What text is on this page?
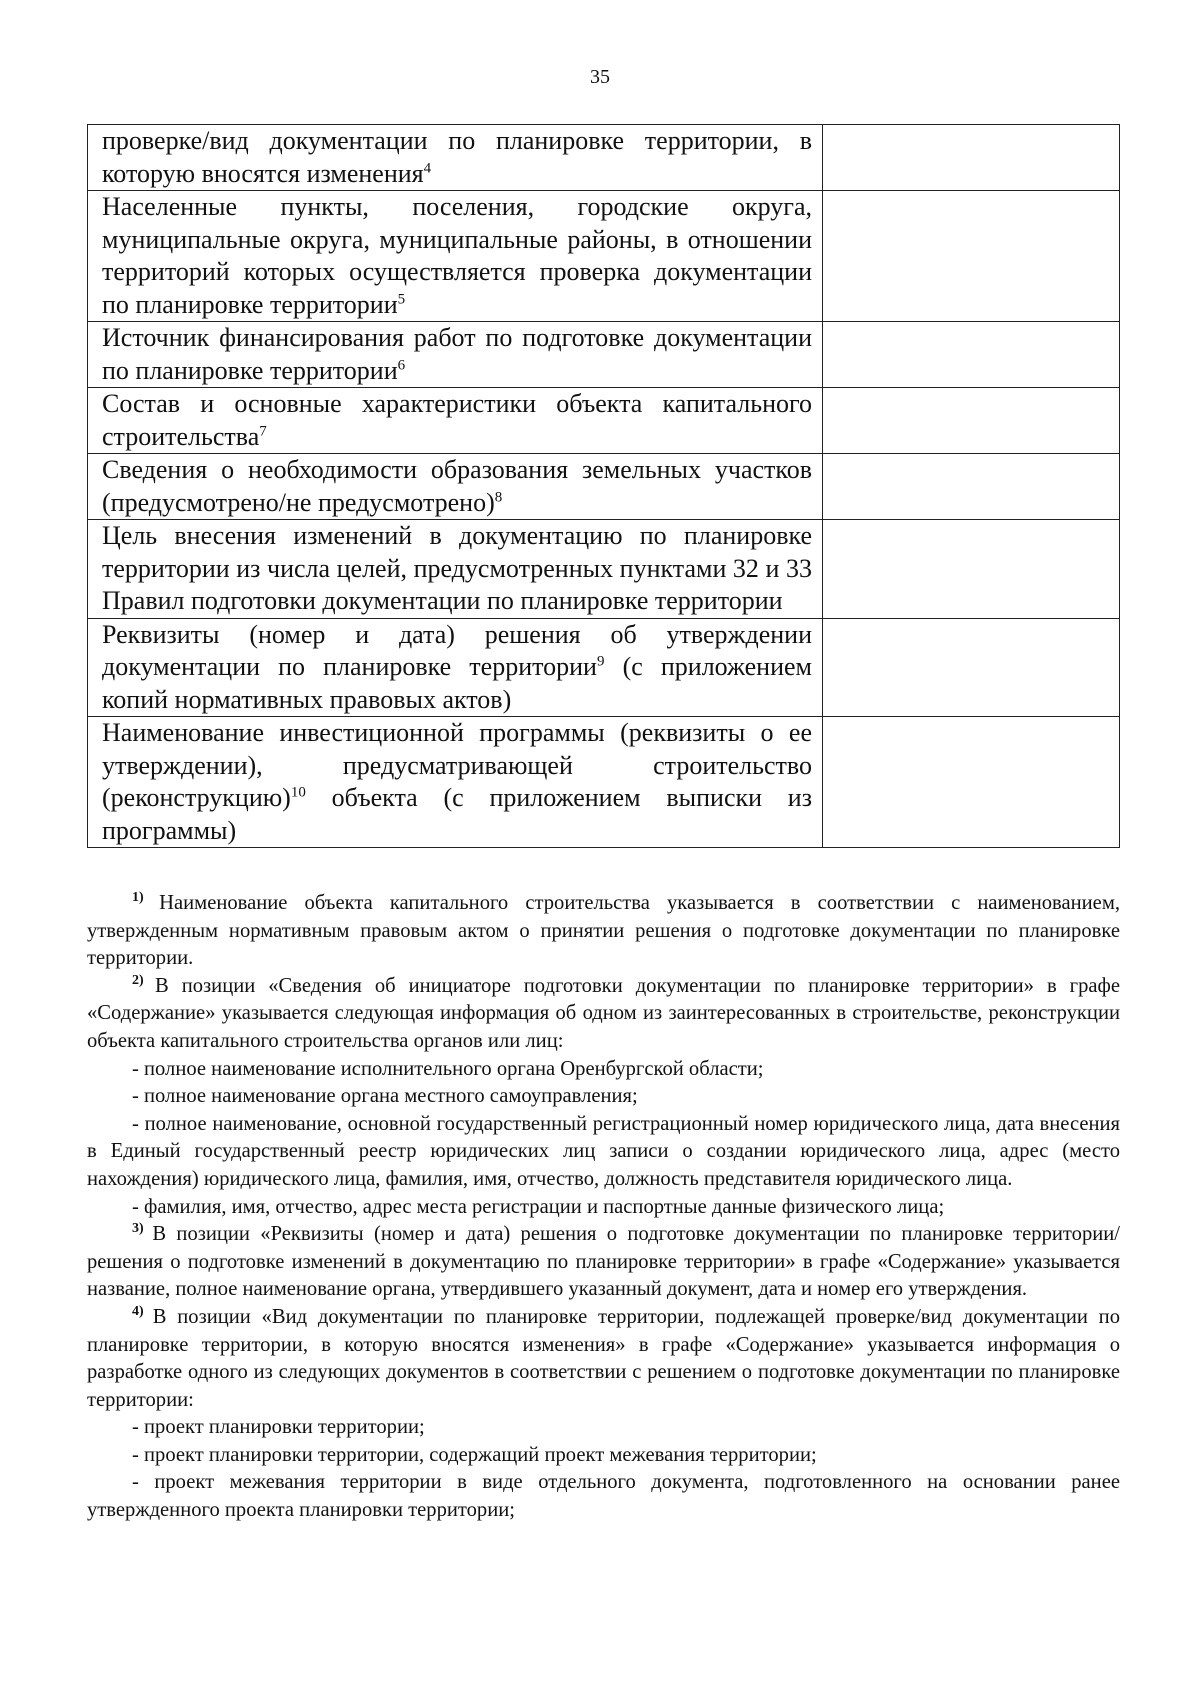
35
проверке/вид документации по планировке территории, в которую вносятся изменения$^4$	
Населенные пункты, поселения, городские округа, муниципальные округа, муниципальные районы, в отношении территорий которых осуществляется проверка документации по планировке территории$^5$	
Источник финансирования работ по подготовке документации по планировке территории$^6$	
Состав и основные характеристики объекта капитального строительства$^7$	
Сведения о необходимости образования земельных участков (предусмотрено/не предусмотрено)$^8$	
Цель внесения изменений в документацию по планировке территории из числа целей, предусмотренных пунктами 32 и 33 Правил подготовки документации по планировке территории	
Реквизиты (номер и дата) решения об утверждении документации по планировке территории$^9$ (с приложением копий нормативных правовых актов)	
Наименование инвестиционной программы (реквизиты о ее утверждении), предусматривающей строительство (реконструкцию)$^{10}$ объекта (с приложением выписки из программы)	

$^{1)}$ Наименование объекта капитального строительства указывается в соответствии с наименованием, утвержденным нормативным правовым актом о принятии решения о подготовке документации по планировке территории.

$^{2)}$ В позиции «Сведения об инициаторе подготовки документации по планировке территории» в графе «Содержание» указывается следующая информация об одном из заинтересованных в строительстве, реконструкции объекта капитального строительства органов или лиц:

- полное наименование исполнительного органа Оренбургской области;

- полное наименование органа местного самоуправления;

- полное наименование, основной государственный регистрационный номер юридического лица, дата внесения в Единый государственный реестр юридических лиц записи о создании юридического лица, адрес (место нахождения) юридического лица, фамилия, имя, отчество, должность представителя юридического лица.

- фамилия, имя, отчество, адрес места регистрации и паспортные данные физического лица;

$^{3)}$ В позиции «Реквизиты (номер и дата) решения о подготовке документации по планировке территории/ решения о подготовке изменений в документацию по планировке территории» в графе «Содержание» указывается название, полное наименование органа, утвердившего указанный документ, дата и номер его утверждения.

$^{4)}$ В позиции «Вид документации по планировке территории, подлежащей проверке/вид документации по планировке территории, в которую вносятся изменения» в графе «Содержание» указывается информация о разработке одного из следующих документов в соответствии с решением о подготовке документации по планировке территории:

- проект планировки территории;

- проект планировки территории, содержащий проект межевания территории;

- проект межевания территории в виде отдельного документа, подготовленного на основании ранее утвержденного проекта планировки территории;
